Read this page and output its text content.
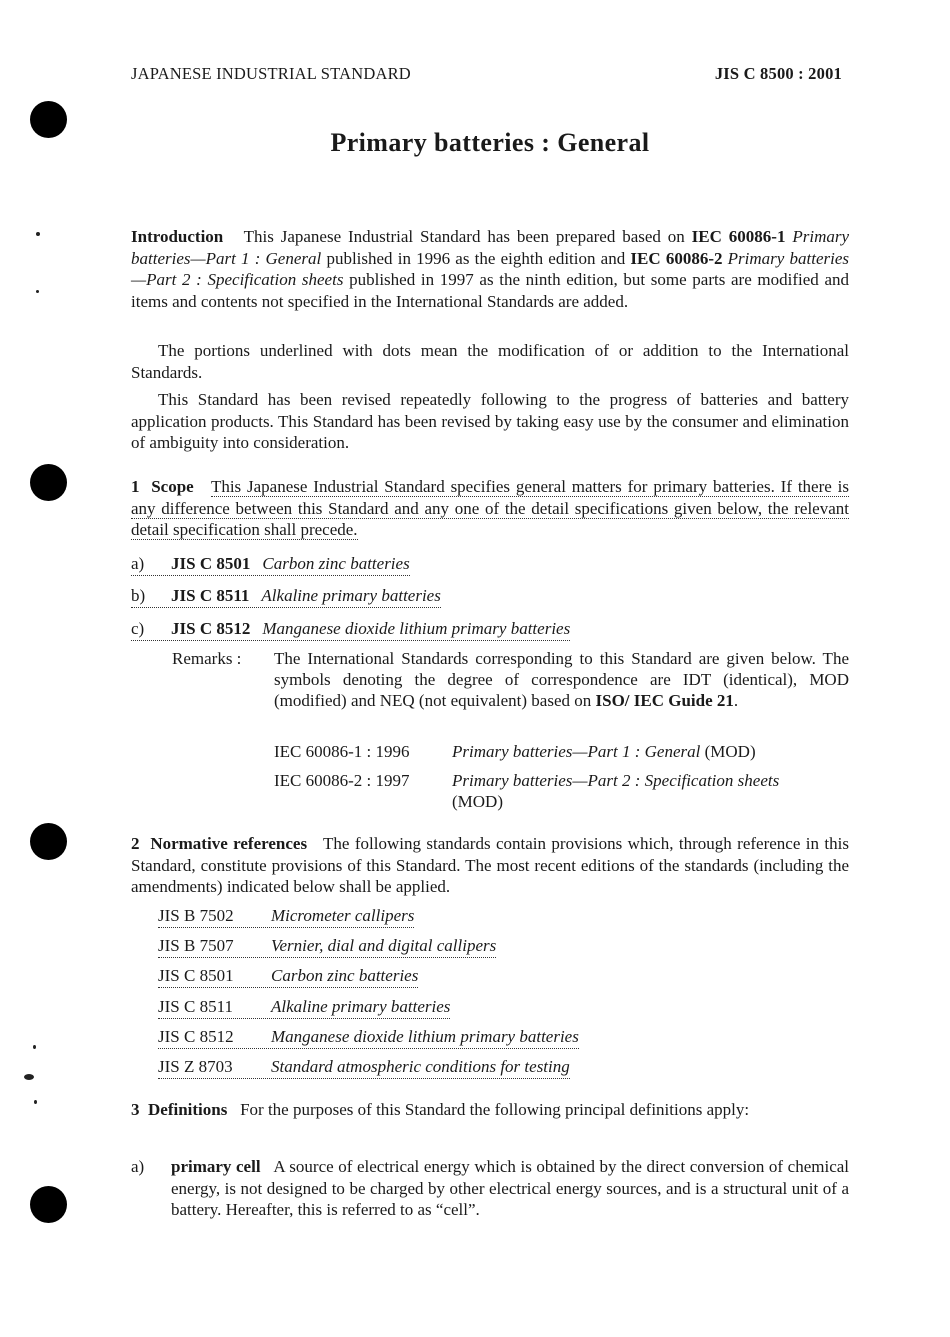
JAPANESE INDUSTRIAL STANDARD	JIS C 8500 : 2001
Primary batteries : General
Introduction This Japanese Industrial Standard has been prepared based on IEC 60086-1 Primary batteries—Part 1 : General published in 1996 as the eighth edition and IEC 60086-2 Primary batteries—Part 2 : Specification sheets published in 1997 as the ninth edition, but some parts are modified and items and contents not specified in the International Standards are added.
The portions underlined with dots mean the modification of or addition to the International Standards.
This Standard has been revised repeatedly following to the progress of batteries and battery application products. This Standard has been revised by taking easy use by the consumer and elimination of ambiguity into consideration.
1 Scope This Japanese Industrial Standard specifies general matters for primary batteries. If there is any difference between this Standard and any one of the detail specifications given below, the relevant detail specification shall precede.
a) JIS C 8501 Carbon zinc batteries
b) JIS C 8511 Alkaline primary batteries
c) JIS C 8512 Manganese dioxide lithium primary batteries
Remarks : The International Standards corresponding to this Standard are given below. The symbols denoting the degree of correspondence are IDT (identical), MOD (modified) and NEQ (not equivalent) based on ISO/ IEC Guide 21.
IEC 60086-1 : 1996 Primary batteries—Part 1 : General (MOD)
IEC 60086-2 : 1997 Primary batteries—Part 2 : Specification sheets
(MOD)
2 Normative references The following standards contain provisions which, through reference in this Standard, constitute provisions of this Standard. The most recent editions of the standards (including the amendments) indicated below shall be applied.
JIS B 7502 Micrometer callipers
JIS B 7507 Vernier, dial and digital callipers
JIS C 8501 Carbon zinc batteries
JIS C 8511 Alkaline primary batteries
JIS C 8512 Manganese dioxide lithium primary batteries
JIS Z 8703 Standard atmospheric conditions for testing
3 Definitions For the purposes of this Standard the following principal definitions apply:
a) primary cell A source of electrical energy which is obtained by the direct conversion of chemical energy, is not designed to be charged by other electrical energy sources, and is a structural unit of a battery. Hereafter, this is referred to as “cell”.
